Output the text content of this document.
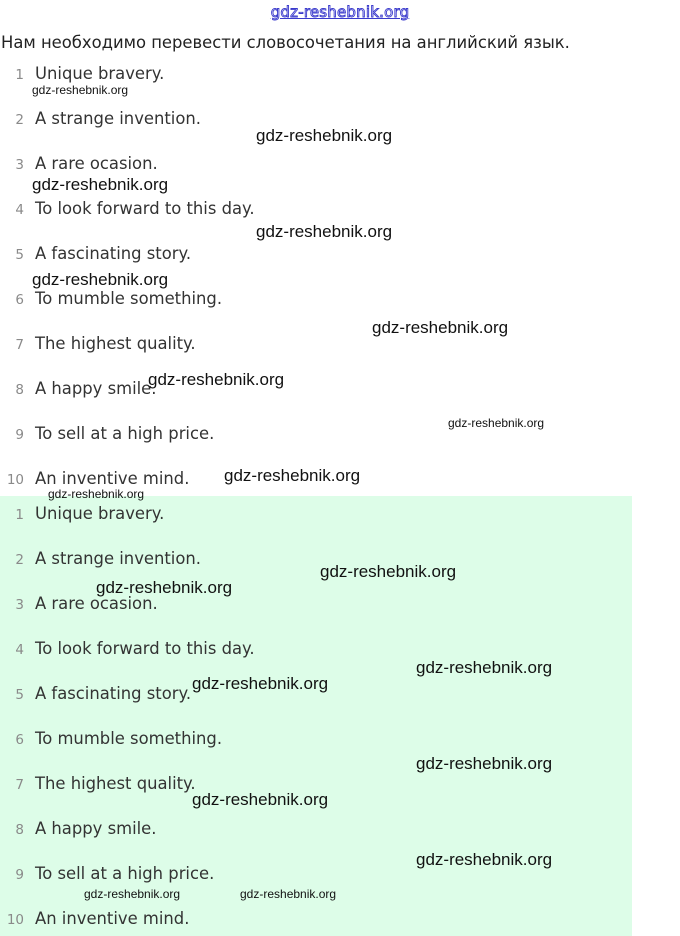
gdz-reshebnik.org
Нам необходимо перевести словосочетания на английский язык.
1 Unique bravery.
2 A strange invention.
3 A rare ocasion.
4 To look forward to this day.
5 A fascinating story.
6 To mumble something.
7 The highest quality.
8 A happy smile.
9 To sell at a high price.
10 An inventive mind.
1 Unique bravery.
2 A strange invention.
3 A rare ocasion.
4 To look forward to this day.
5 A fascinating story.
6 To mumble something.
7 The highest quality.
8 A happy smile.
9 To sell at a high price.
10 An inventive mind.
gdz-reshebnik.org
gdz-reshebnik.org
gdz-reshebnik.org
gdz-reshebnik.org
gdz-reshebnik.org
gdz-reshebnik.org
gdz-reshebnik.org
gdz-reshebnik.org
gdz-reshebnik.org
gdz-reshebnik.org
gdz-reshebnik.org
gdz-reshebnik.org
gdz-reshebnik.org
gdz-reshebnik.org
gdz-reshebnik.org
gdz-reshebnik.org
gdz-reshebnik.org
gdz-reshebnik.org	gdz-reshebnik.org
